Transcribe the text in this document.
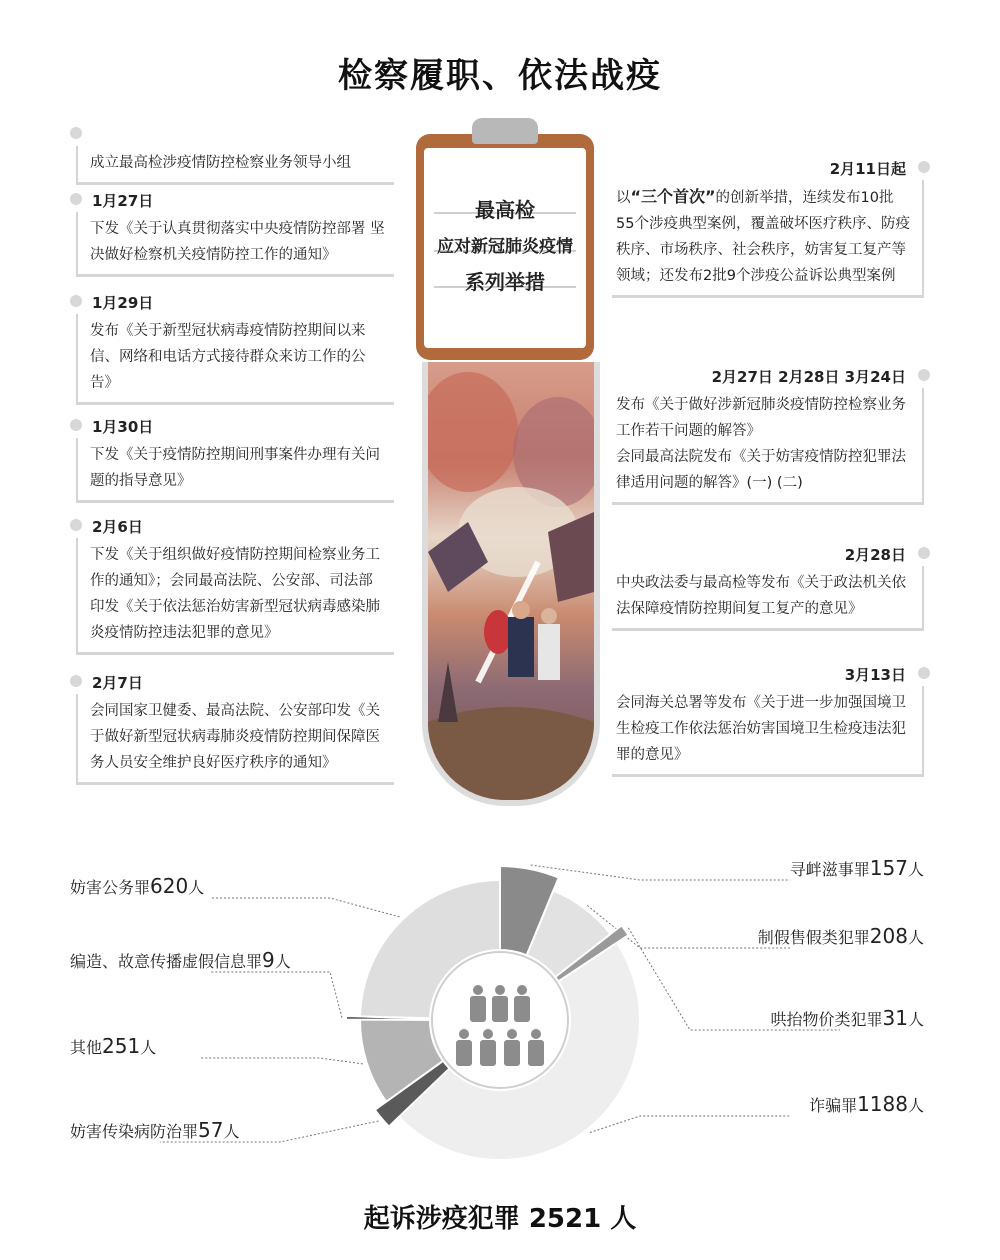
检察履职、依法战疫

成立最高检涉疫情防控检察业务领导小组
1月27日
下发《关于认真贯彻落实中央疫情防控部署 坚决做好检察机关疫情防控工作的通知》
1月29日
发布《关于新型冠状病毒疫情防控期间以来信、网络和电话方式接待群众来访工作的公告》
1月30日
下发《关于疫情防控期间刑事案件办理有关问题的指导意见》
2月6日
下发《关于组织做好疫情防控期间检察业务工作的通知》；会同最高法院、公安部、司法部印发《关于依法惩治妨害新型冠状病毒感染肺炎疫情防控违法犯罪的意见》
2月7日
会同国家卫健委、最高法院、公安部印发《关于做好新型冠状病毒肺炎疫情防控期间保障医务人员安全维护良好医疗秩序的通知》
2月11日起
以“三个首次”的创新举措，连续发布10批55个涉疫典型案例，覆盖破坏医疗秩序、防疫秩序、市场秩序、社会秩序，妨害复工复产等领域；还发布2批9个涉疫公益诉讼典型案例
2月27日 2月28日 3月24日
发布《关于做好涉新冠肺炎疫情防控检察业务工作若干问题的解答》
会同最高法院发布《关于妨害疫情防控犯罪法律适用问题的解答》(一) (二)
2月28日
中央政法委与最高检等发布《关于政法机关依法保障疫情防控期间复工复产的意见》
3月13日
会同海关总署等发布《关于进一步加强国境卫生检疫工作依法惩治妨害国境卫生检疫违法犯罪的意见》
最高检
应对新冠肺炎疫情
系列举措
寻衅滋事罪157人
制假售假类犯罪208人
哄抬物价类犯罪31人
诈骗罪1188人
妨害传染病防治罪57人
其他251人
编造、故意传播虚假信息罪9人
妨害公务罪620人
起诉涉疫犯罪 2521 人
